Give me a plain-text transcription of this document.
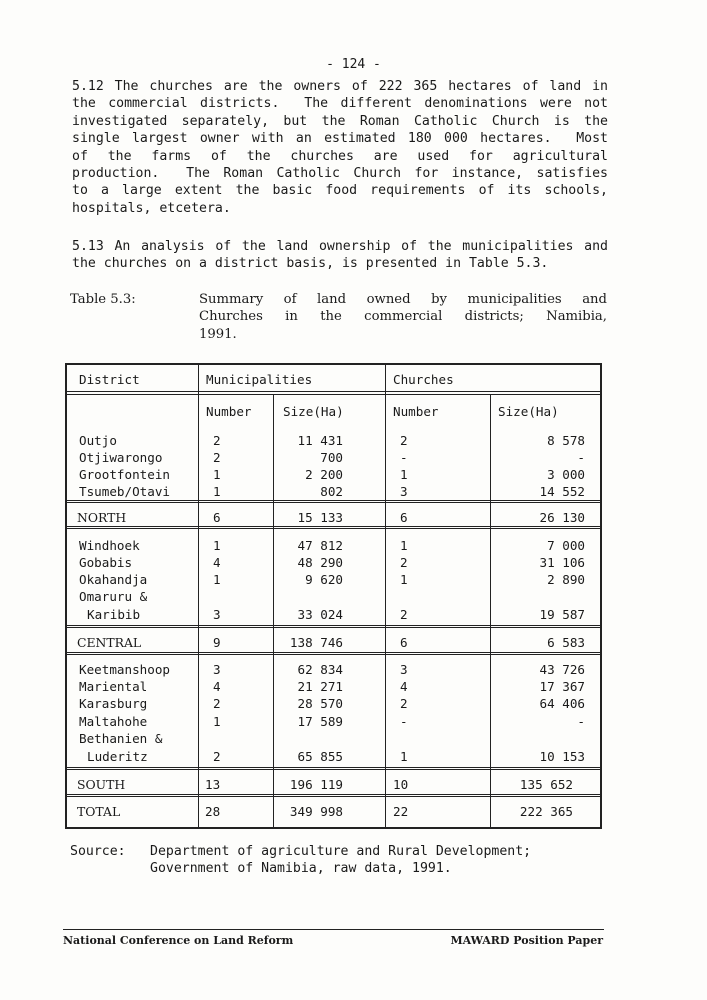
- 124 -
5.12 The churches are the owners of 222 365 hectares of land in
the commercial districts.  The different denominations were not
investigated separately, but the Roman Catholic Church is the
single largest owner with an estimated 180 000 hectares.  Most
of the farms of the churches are used for agricultural
production.  The Roman Catholic Church for instance, satisfies
to a large extent the basic food requirements of its schools,
hospitals, etcetera.
5.13 An analysis of the land ownership of the municipalities and
the churches on a district basis, is presented in Table 5.3.
Table 5.3:	Summary of land owned by municipalities and
Churches in the commercial districts; Namibia,
1991.
District	Municipalities	Churches
Number	Size(Ha)	Number	Size(Ha)
Outjo	2	11 431	2	8 578
Otjiwarongo	2	700	-	-
Grootfontein	1	2 200	1	3 000
Tsumeb/Otavi	1	802	3	14 552
NORTH	6	15 133	6	26 130
Windhoek	1	47 812	1	7 000
Gobabis	4	48 290	2	31 106
Okahandja	1	9 620	1	2 890
Omaruru &
Karibib	3	33 024	2	19 587
CENTRAL	9	138 746	6	6 583
Keetmanshoop	3	62 834	3	43 726
Mariental	4	21 271	4	17 367
Karasburg	2	28 570	2	64 406
Maltahohe	1	17 589	-	-
Bethanien &
Luderitz	2	65 855	1	10 153
SOUTH	13	196 119	10	135 652
TOTAL	28	349 998	22	222 365
Source: Department of agriculture and Rural Development;
Government of Namibia, raw data, 1991.
National Conference on Land Reform	MAWARD Position Paper
